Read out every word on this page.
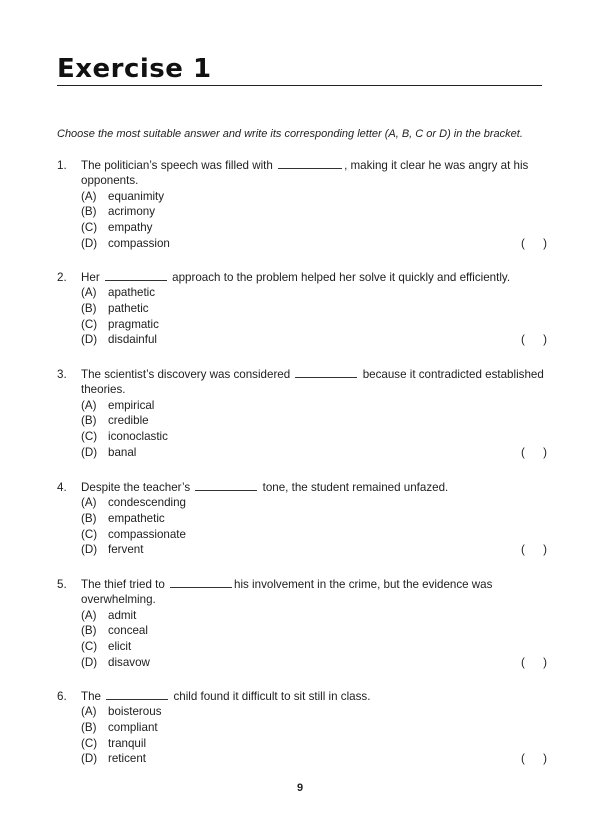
Exercise 1
Choose the most suitable answer and write its corresponding letter (A, B, C or D) in the bracket.
1.	The politician’s speech was filled with	, making it clear he was angry at his opponents.
(A) equanimity
(B) acrimony
(C) empathy
(D) compassion	( )
2.	Her	approach to the problem helped her solve it quickly and efficiently.
(A) apathetic
(B) pathetic
(C) pragmatic
(D) disdainful	( )
3.	The scientist’s discovery was considered	because it contradicted established theories.
(A) empirical
(B) credible
(C) iconoclastic
(D) banal	( )
4.	Despite the teacher’s	tone, the student remained unfazed.
(A) condescending
(B) empathetic
(C) compassionate
(D) fervent	( )
5.	The thief tried to	his involvement in the crime, but the evidence was overwhelming.
(A) admit
(B) conceal
(C) elicit
(D) disavow	( )
6.	The	child found it difficult to sit still in class.
(A) boisterous
(B) compliant
(C) tranquil
(D) reticent	( )
9
